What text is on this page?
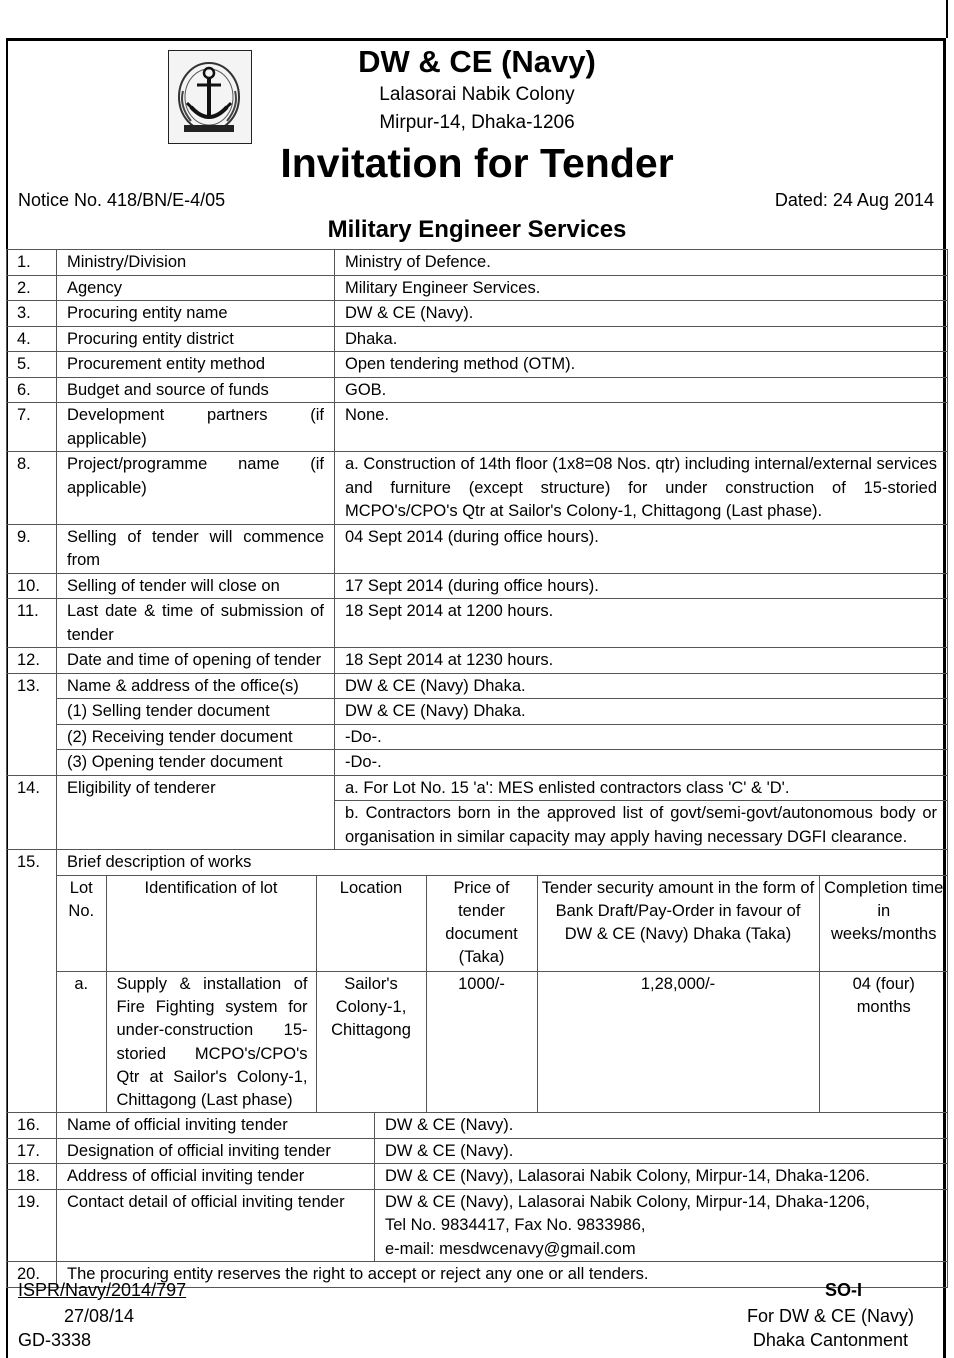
DW & CE (Navy)
Lalasorai Nabik Colony
Mirpur-14, Dhaka-1206
Invitation for Tender
Notice No. 418/BN/E-4/05	Dated: 24 Aug 2014
Military Engineer Services
1.	Ministry/Division	Ministry of Defence.
2.	Agency	Military Engineer Services.
3.	Procuring entity name	DW & CE (Navy).
4.	Procuring entity district	Dhaka.
5.	Procurement entity method	Open tendering method (OTM).
6.	Budget and source of funds	GOB.
7.	Development partners (if applicable)	None.
8.	Project/programme name (if applicable)	a. Construction of 14th floor (1x8=08 Nos. qtr) including internal/external services and furniture (except structure) for under construction of 15-storied MCPO's/CPO's Qtr at Sailor's Colony-1, Chittagong (Last phase).
9.	Selling of tender will commence from	04 Sept 2014 (during office hours).
10.	Selling of tender will close on	17 Sept 2014 (during office hours).
11.	Last date & time of submission of tender	18 Sept 2014 at 1200 hours.
12.	Date and time of opening of tender	18 Sept 2014 at 1230 hours.
13.	Name & address of the office(s)	DW & CE (Navy) Dhaka.
(1) Selling tender document	DW & CE (Navy) Dhaka.
(2) Receiving tender document	-Do-.
(3) Opening tender document	-Do-.
14.	Eligibility of tenderer	a. For Lot No. 15 'a': MES enlisted contractors class 'C' & 'D'.
b. Contractors born in the approved list of govt/semi-govt/autonomous body or organisation in similar capacity may apply having necessary DGFI clearance.
15.	Brief description of works

Lot No.	Identification of lot	Location	Price of tender document (Taka)	Tender security amount in the form of Bank Draft/Pay-Order in favour of DW & CE (Navy) Dhaka (Taka)	Completion time in weeks/months
a.	Supply & installation of Fire Fighting system for under-construction 15-storied MCPO's/CPO's Qtr at Sailor's Colony-1, Chittagong (Last phase)	Sailor's Colony-1, Chittagong	1000/-	1,28,000/-	04 (four) months

16.	Name of official inviting tender	DW & CE (Navy).
17.	Designation of official inviting tender	DW & CE (Navy).
18.	Address of official inviting tender	DW & CE (Navy), Lalasorai Nabik Colony, Mirpur-14, Dhaka-1206.
19.	Contact detail of official inviting tender	DW & CE (Navy), Lalasorai Nabik Colony, Mirpur-14, Dhaka-1206,
Tel No. 9834417, Fax No. 9833986,
e-mail: mesdwcenavy@gmail.com

20.	The procuring entity reserves the right to accept or reject any one or all tenders.
ISPR/Navy/2014/797
27/08/14
GD-3338
SO-I
For DW & CE (Navy)
Dhaka Cantonment
